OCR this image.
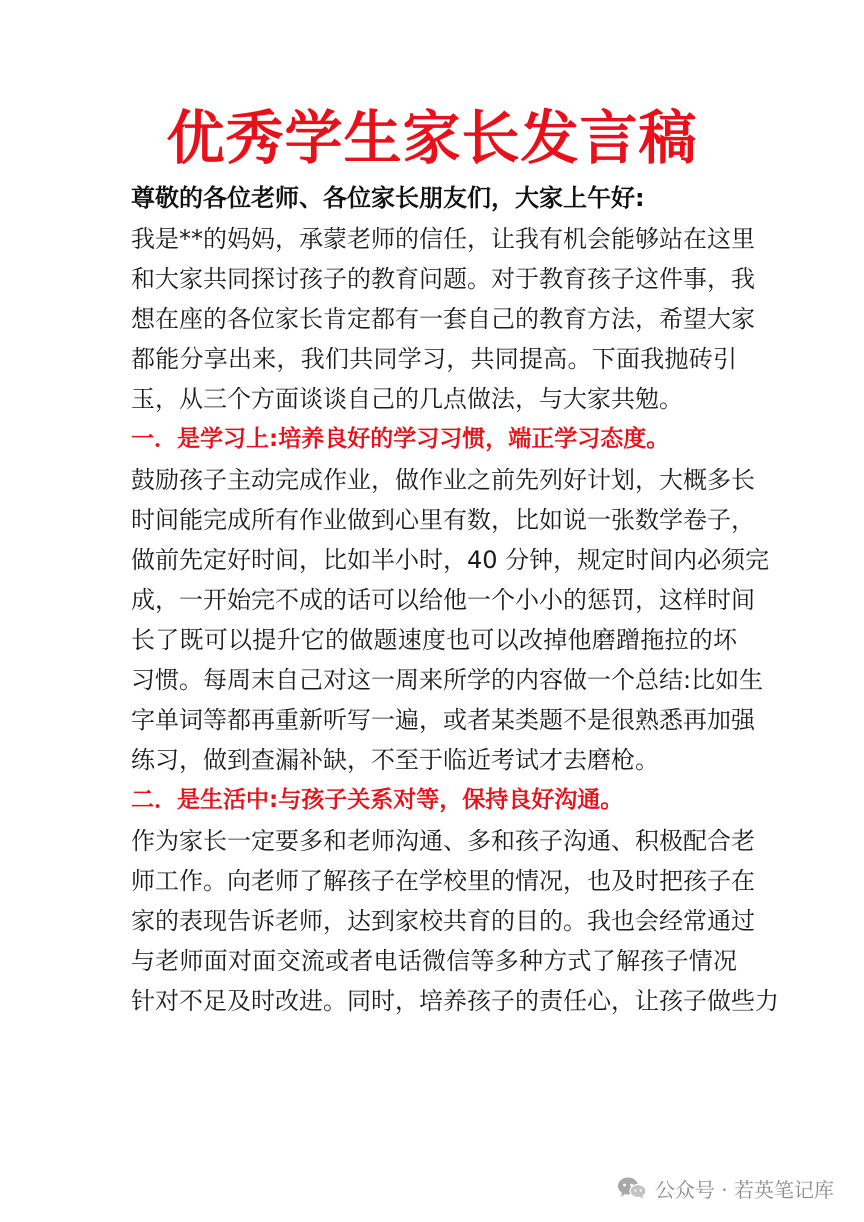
优秀学生家长发言稿
尊敬的各位老师、各位家长朋友们，大家上午好:
我是**的妈妈，承蒙老师的信任，让我有机会能够站在这里
和大家共同探讨孩子的教育问题。对于教育孩子这件事，我
想在座的各位家长肯定都有一套自己的教育方法，希望大家
都能分享出来，我们共同学习，共同提高。下面我抛砖引
玉，从三个方面谈谈自己的几点做法，与大家共勉。
一．是学习上:培养良好的学习习惯，端正学习态度。
鼓励孩子主动完成作业，做作业之前先列好计划，大概多长
时间能完成所有作业做到心里有数，比如说一张数学卷子，
做前先定好时间，比如半小时，40 分钟，规定时间内必须完
成，一开始完不成的话可以给他一个小小的惩罚，这样时间
长了既可以提升它的做题速度也可以改掉他磨蹭拖拉的坏
习惯。每周末自己对这一周来所学的内容做一个总结:比如生
字单词等都再重新听写一遍，或者某类题不是很熟悉再加强
练习，做到查漏补缺，不至于临近考试才去磨枪。
二．是生活中:与孩子关系对等，保持良好沟通。
作为家长一定要多和老师沟通、多和孩子沟通、积极配合老
师工作。向老师了解孩子在学校里的情况，也及时把孩子在
家的表现告诉老师，达到家校共育的目的。我也会经常通过
与老师面对面交流或者电话微信等多种方式了解孩子情况
针对不足及时改进。同时，培养孩子的责任心，让孩子做些力
公众号 · 若英笔记库
